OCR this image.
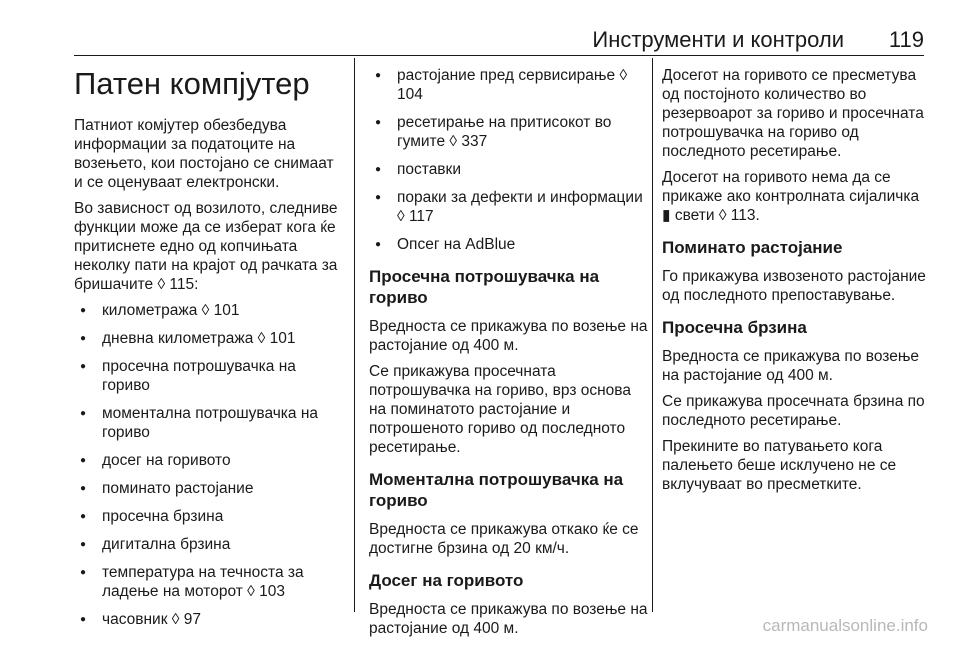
Инструменти и контроли 119
Патен компјутер

Патниот комјутер обезбедува информации за податоците на возењето, кои постојано се снимаат и се оценуваат електронски.

Во зависност од возилото, следниве функции може да се изберат кога ќе притиснете едно од копчињата неколку пати на крајот од рачката за бришачите ◊ 115:

● километража ◊ 101
● дневна километража ◊ 101
● просечна потрошувачка на гориво
● моментална потрошувачка на гориво
● досег на горивото
● поминато растојание
● просечна брзина
● дигитална брзина
● температура на течноста за ладење на моторот ◊ 103
● часовник ◊ 97
● растојание пред сервисирање ◊ 104
● ресетирање на притисокот во гумите ◊ 337
● поставки
● пораки за дефекти и информации ◊ 117
● Опсег на AdBlue
Просечна потрошувачка на гориво

Вредноста се прикажува по возење на растојание од 400 м.

Се прикажува просечната потрошувачка на гориво, врз основа на поминатото растојание и потрошеното гориво од последното ресетирање.

Моментална потрошувачка на гориво

Вредноста се прикажува откако ќе се достигне брзина од 20 км/ч.

Досег на горивото

Вредноста се прикажува по возење на растојание од 400 м.

Досегот на горивото се пресметува од постојното количество во резервоарот за гориво и просечната потрошувачка на гориво од последното ресетирање.

Досегот на горивото нема да се прикаже ако контролната сијаличка ▮ свети ◊ 113.

Поминато растојание

Го прикажува извозеното растојание од последното препоставување.

Просечна брзина

Вредноста се прикажува по возење на растојание од 400 м.

Се прикажува просечната брзина по последното ресетирање.

Прекините во патувањето кога палењето беше исклучено не се вклучуваат во пресметките.

carmanualsonline.info
